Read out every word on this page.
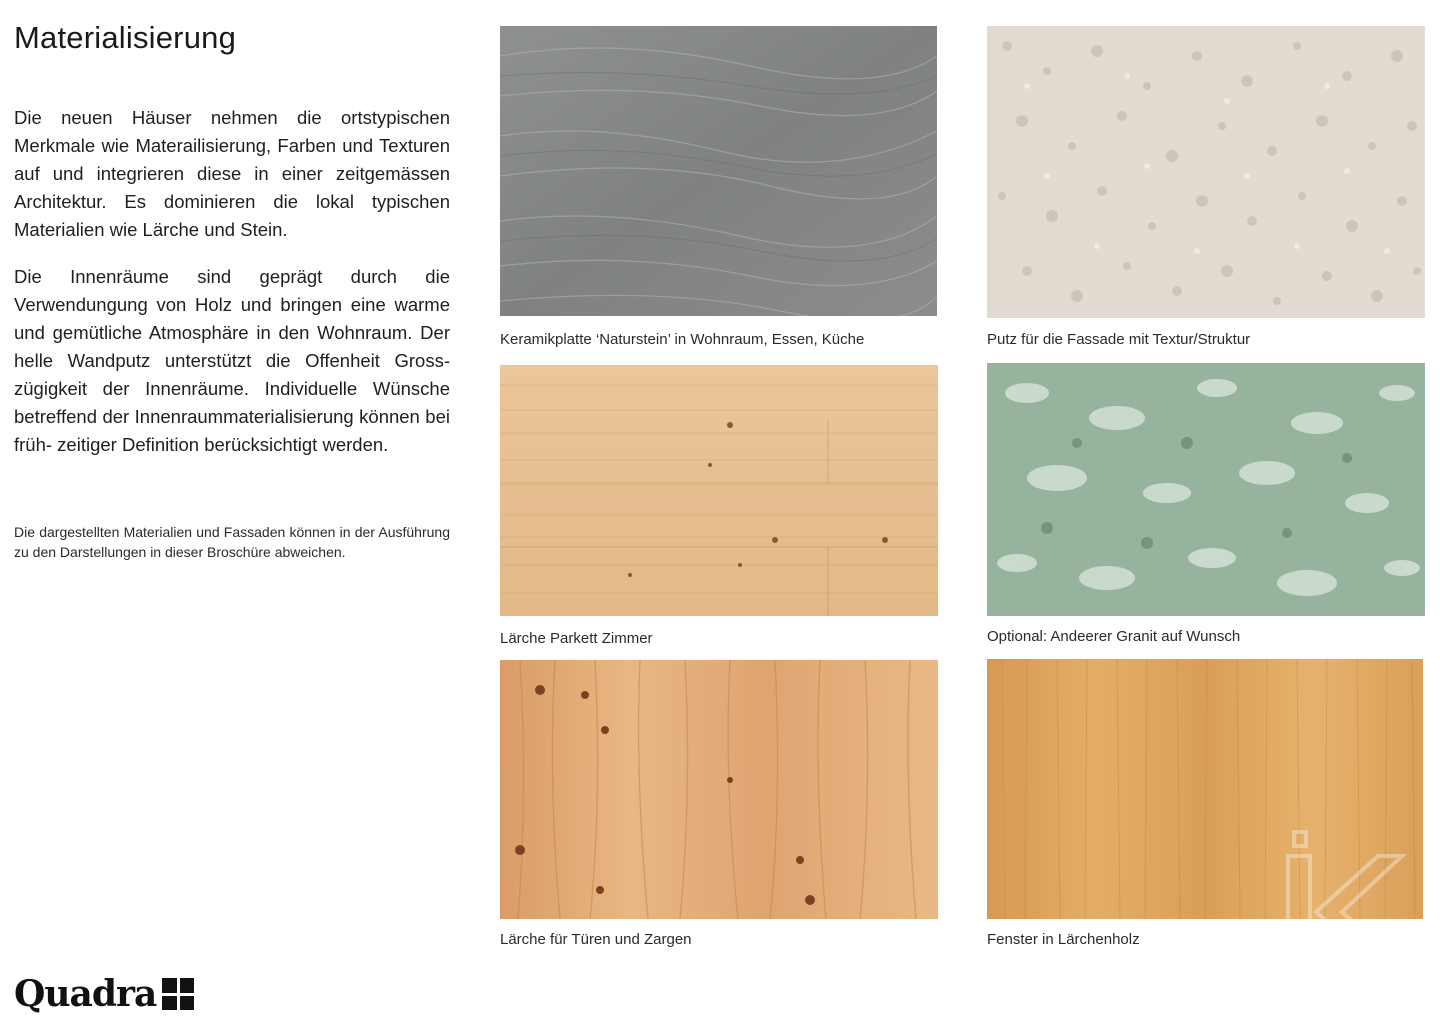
Materialisierung

Die neuen Häuser nehmen die ortstypischen Merkmale wie Materailisierung, Farben und Texturen auf und integrieren diese in einer zeitgemässen Architektur. Es dominieren die lokal typischen Materialien wie Lärche und Stein.

Die Innenräume sind geprägt durch die Verwendungung von Holz und bringen eine warme und gemütliche Atmosphäre in den Wohnraum. Der helle Wandputz unterstützt die Offenheit Gross-zügigkeit der Innenräume. Individuelle Wünsche betreffend der Innenraummaterialisierung können bei früh- zeitiger Definition berücksichtigt werden.

Die dargestellten Materialien und Fassaden können in der Ausführung zu den Darstellungen in dieser Broschüre abweichen.

Keramikplatte ‘Naturstein’ in Wohnraum, Essen, Küche	Putz für die Fassade mit Textur/Struktur
Lärche Parkett Zimmer	Optional: Andeerer Granit auf Wunsch
Lärche für Türen und Zargen	Fenster in Lärchenholz
Quadra
